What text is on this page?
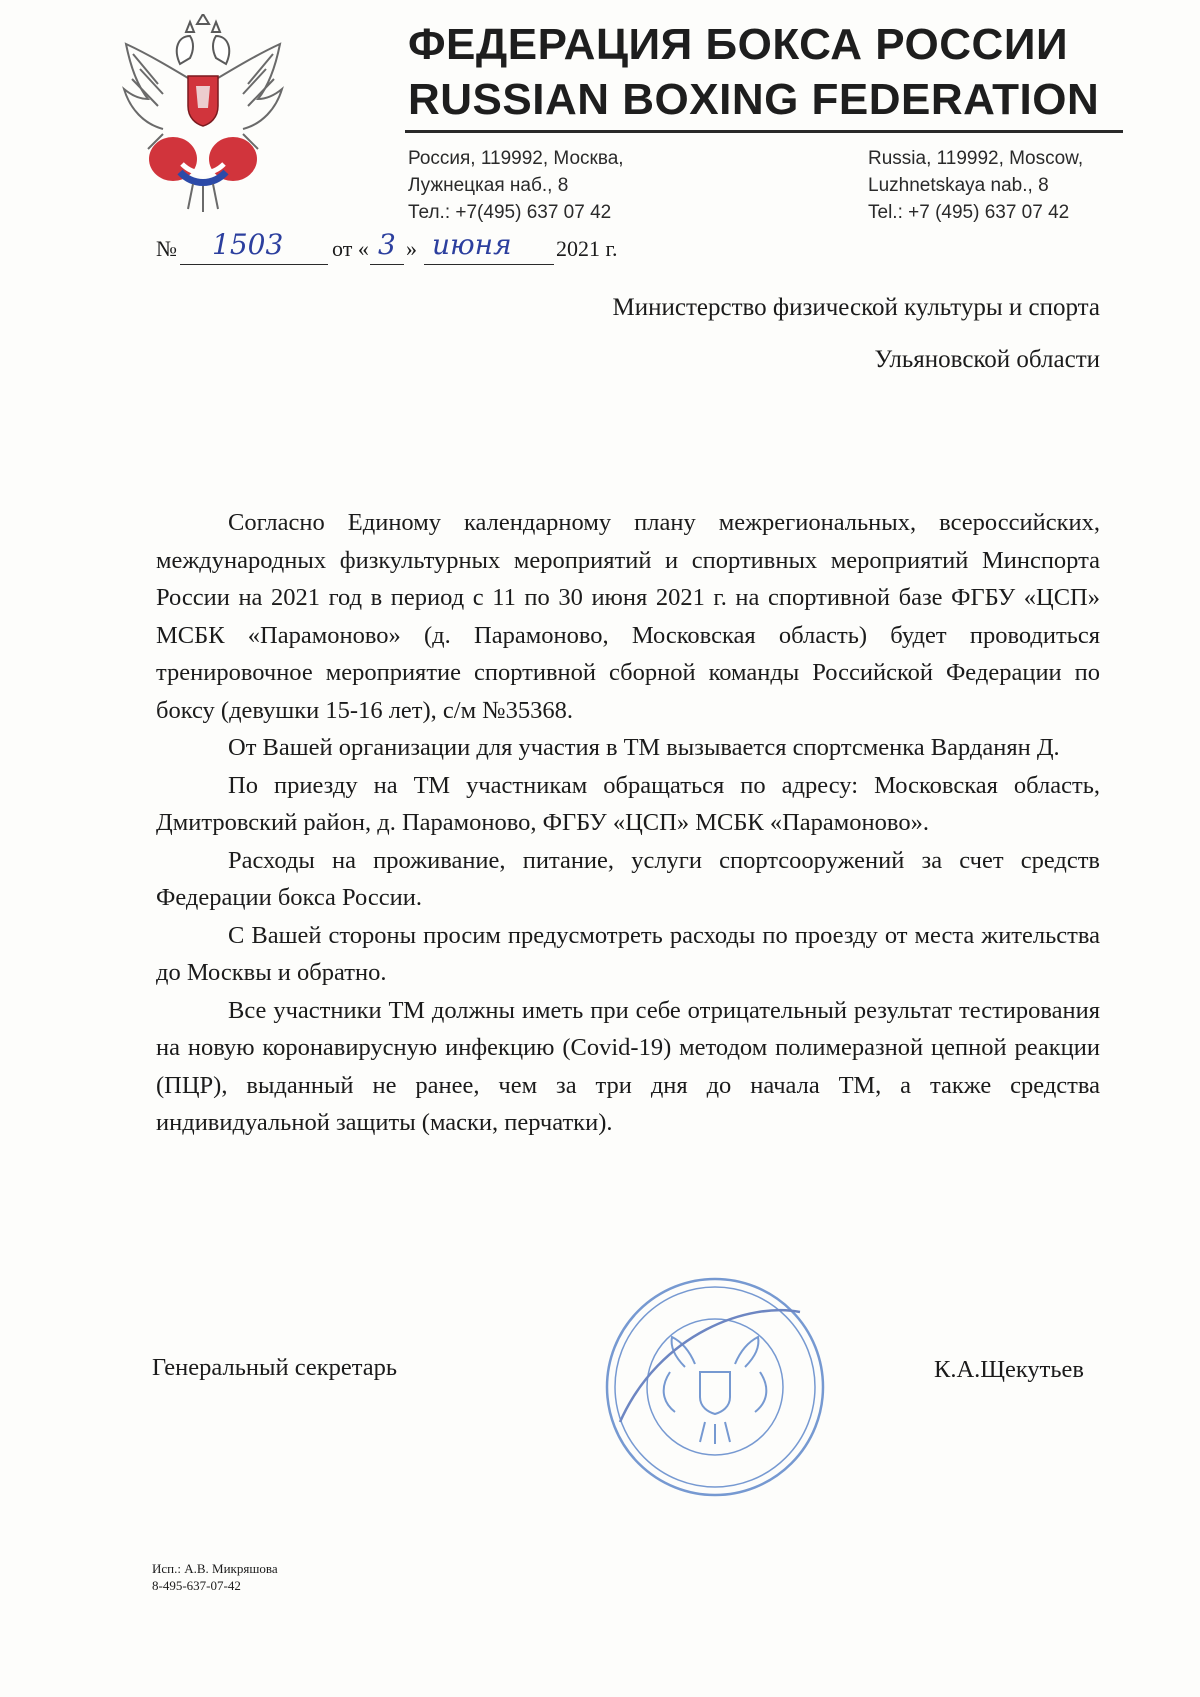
ФЕДЕРАЦИЯ БОКСА РОССИИ
RUSSIAN BOXING FEDERATION
Россия, 119992, Москва,
Лужнецкая наб., 8
Тел.: +7(495) 637 07 42
Russia, 119992, Moscow,
Luzhnetskaya nab., 8
Tel.: +7 (495) 637 07 42
№ 1503 от « 3 » июня 2021 г.
Министерство физической культуры и спорта
Ульяновской области

Согласно Единому календарному плану межрегиональных, всероссийских, международных физкультурных мероприятий и спортивных мероприятий Минспорта России на 2021 год в период с 11 по 30 июня 2021 г. на спортивной базе ФГБУ «ЦСП» МСБК «Парамоново» (д. Парамоново, Московская область) будет проводиться тренировочное мероприятие спортивной сборной команды Российской Федерации по боксу (девушки 15-16 лет), с/м №35368.

От Вашей организации для участия в ТМ вызывается спортсменка Варданян Д.

По приезду на ТМ участникам обращаться по адресу: Московская область, Дмитровский район, д. Парамоново, ФГБУ «ЦСП» МСБК «Парамоново».

Расходы на проживание, питание, услуги спортсооружений за счет средств Федерации бокса России.

С Вашей стороны просим предусмотреть расходы по проезду от места жительства до Москвы и обратно.

Все участники ТМ должны иметь при себе отрицательный результат тестирования на новую коронавирусную инфекцию (Covid-19) методом полимеразной цепной реакции (ПЦР), выданный не ранее, чем за три дня до начала ТМ, а также средства индивидуальной защиты (маски, перчатки).

Генеральный секретарь	К.А.Щекутьев
Исп.: А.В. Микряшова
8-495-637-07-42
